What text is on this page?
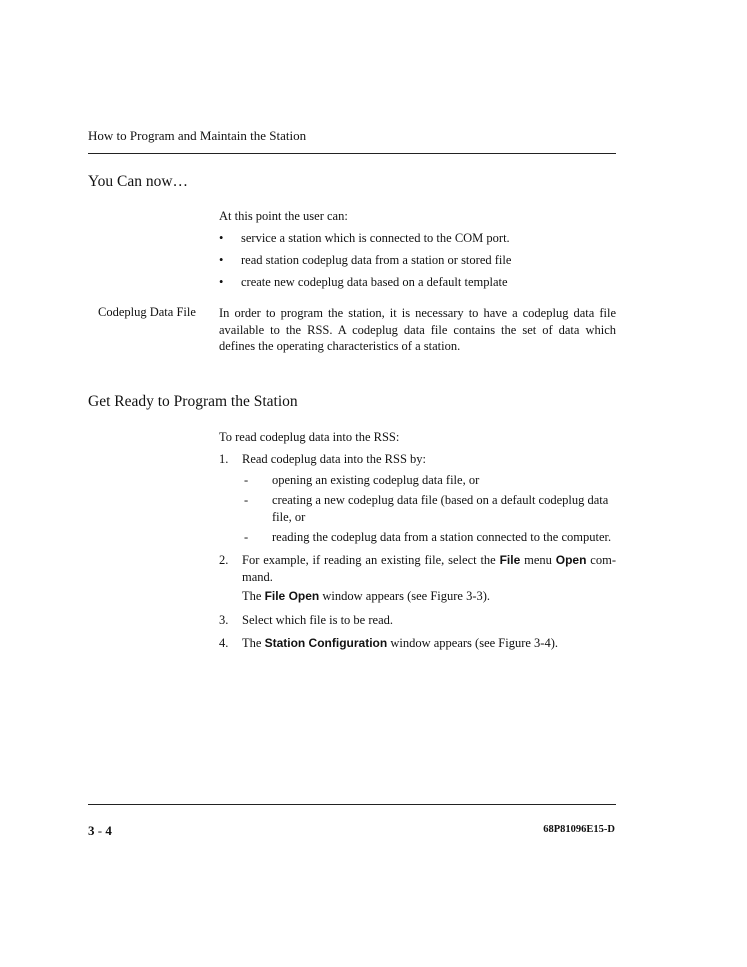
How to Program and Maintain the Station
You Can now…
At this point the user can:
• service a station which is connected to the COM port.
• read station codeplug data from a station or stored file
• create new codeplug data based on a default template
Codeplug Data File In order to program the station, it is necessary to have a codeplug data file available to the RSS. A codeplug data file contains the set of data which defines the operating characteristics of a station.
Get Ready to Program the Station
To read codeplug data into the RSS:
1. Read codeplug data into the RSS by:
- opening an existing codeplug data file, or
- creating a new codeplug data file (based on a default codeplug data file, or
- reading the codeplug data from a station connected to the computer.
2. For example, if reading an existing file, select the File menu Open com-mand.
The File Open window appears (see Figure 3-3).
3. Select which file is to be read.
4. The Station Configuration window appears (see Figure 3-4).
3 - 4	68P81096E15-D
